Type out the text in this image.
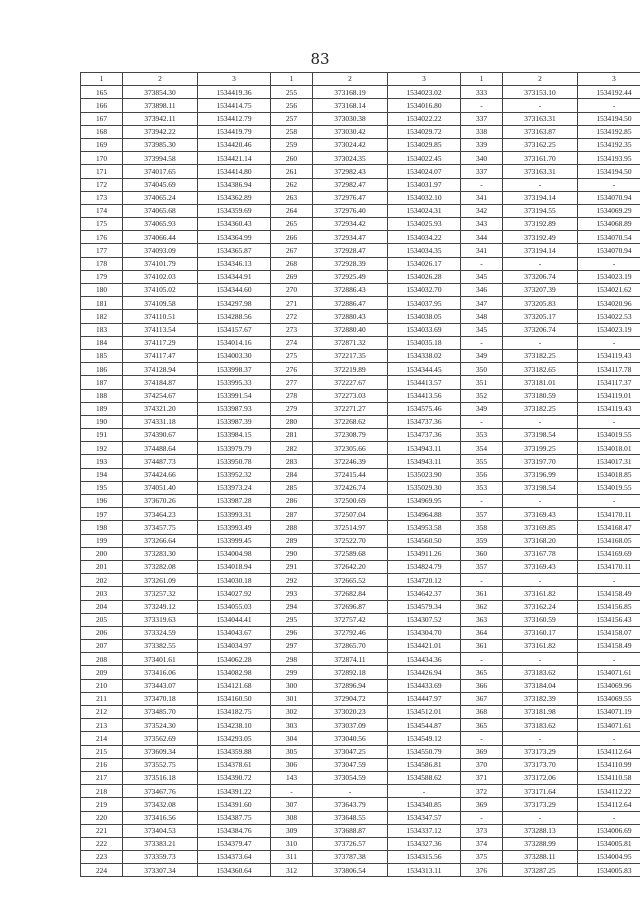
83
1	2	3	1	2	3	1	2	3
165	373854.30	1534419.36	255	373168.19	1534023.02	333	373153.10	1534192.44
166	373898.11	1534414.75	256	373168.14	1534016.80	-	-	-
167	373942.11	1534412.79	257	373030.38	1534022.22	337	373163.31	1534194.50
168	373942.22	1534419.79	258	373030.42	1534029.72	338	373163.87	1534192.85
169	373985.30	1534420.46	259	373024.42	1534029.85	339	373162.25	1534192.35
170	373994.58	1534421.14	260	373024.35	1534022.45	340	373161.70	1534193.95
171	374017.65	1534414.80	261	372982.43	1534024.07	337	373163.31	1534194.50
172	374045.69	1534386.94	262	372982.47	1534031.97	-	-	-
173	374065.24	1534362.89	263	372976.47	1534032.10	341	373194.14	1534070.94
174	374065.68	1534359.69	264	372976.40	1534024.31	342	373194.55	1534069.29
175	374065.93	1534360.43	265	372934.42	1534025.93	343	373192.89	1534068.89
176	374066.44	1534364.99	266	372934.47	1534034.22	344	373192.49	1534070.54
177	374093.09	1534365.87	267	372928.47	1534034.35	341	373194.14	1534070.94
178	374101.79	1534346.13	268	372928.39	1534026.17	-	-	-
179	374102.03	1534344.91	269	372925.49	1534026.28	345	373206.74	1534023.19
180	374105.02	1534344.60	270	372886.43	1534032.70	346	373207.39	1534021.62
181	374109.58	1534297.98	271	372886.47	1534037.95	347	373205.83	1534020.96
182	374110.51	1534288.56	272	372880.43	1534038.05	348	373205.17	1534022.53
183	374113.54	1534157.67	273	372880.40	1534033.69	345	373206.74	1534023.19
184	374117.29	1534014.16	274	372871.32	1534035.18	-	-	-
185	374117.47	1534003.30	275	372217.35	1534338.02	349	373182.25	1534119.43
186	374128.94	1533998.37	276	372219.89	1534344.45	350	373182.65	1534117.78
187	374184.87	1533995.33	277	372227.67	1534413.57	351	373181.01	1534117.37
188	374254.67	1533991.54	278	372273.03	1534413.56	352	373180.59	1534119.01
189	374321.20	1533987.93	279	372271.27	1534575.46	349	373182.25	1534119.43
190	374331.18	1533987.39	280	372268.62	1534737.36	-	-	-
191	374390.67	1533984.15	281	372308.79	1534737.36	353	373198.54	1534019.55
192	374488.64	1533979.79	282	372305.66	1534943.11	354	373199.25	1534018.01
193	374487.73	1533950.78	283	372246.39	1534943.11	355	373197.70	1534017.31
194	374424.66	1533952.32	284	372415.44	1535023.90	356	373196.99	1534018.85
195	374051.40	1533973.24	285	372426.74	1535029.30	353	373198.54	1534019.55
196	373670.26	1533987.28	286	372500.69	1534969.95	-	-	-
197	373464.23	1533993.31	287	372507.04	1534964.88	357	373169.43	1534170.11
198	373457.75	1533993.49	288	372514.97	1534953.58	358	373169.85	1534168.47
199	373266.64	1533999.45	289	372522.70	1534560.50	359	373168.20	1534168.05
200	373283.30	1534004.98	290	372589.68	1534911.26	360	373167.78	1534169.69
201	373282.08	1534018.94	291	372642.20	1534824.79	357	373169.43	1534170.11
202	373261.09	1534030.18	292	372665.52	1534720.12	-	-	-
203	373257.32	1534027.92	293	372682.84	1534642.37	361	373161.82	1534158.49
204	373249.12	1534055.03	294	372696.87	1534579.34	362	373162.24	1534156.85
205	373319.63	1534044.41	295	372757.42	1534307.52	363	373160.59	1534156.43
206	373324.59	1534043.67	296	372792.46	1534304.70	364	373160.17	1534158.07
207	373382.55	1534034.97	297	372865.70	1534421.01	361	373161.82	1534158.49
208	373401.61	1534062.28	298	372874.11	1534434.36	-	-	-
209	373416.06	1534082.98	299	372892.18	1534426.94	365	373183.62	1534071.61
210	373443.07	1534121.68	300	372896.94	1534433.69	366	373184.04	1534069.96
211	373470.18	1534160.50	301	372904.72	1534447.97	367	373182.39	1534069.55
212	373485.70	1534182.75	302	373020.23	1534512.01	368	373181.98	1534071.19
213	373524.30	1534238.10	303	373037.09	1534544.87	365	373183.62	1534071.61
214	373562.69	1534293.05	304	373040.56	1534549.12	-	-	-
215	373609.34	1534359.88	305	373047.25	1534550.79	369	373173.29	1534112.64
216	373552.75	1534378.61	306	373047.59	1534586.81	370	373173.70	1534110.99
217	373516.18	1534390.72	143	373054.59	1534588.62	371	373172.06	1534110.58
218	373467.76	1534391.22	-	-	-	372	373171.64	1534112.22
219	373432.08	1534391.60	307	373643.79	1534340.85	369	373173.29	1534112.64
220	373416.56	1534387.75	308	373648.55	1534347.57	-	-	-
221	373404.53	1534384.76	309	373688.87	1534337.12	373	373288.13	1534006.69
222	373383.21	1534379.47	310	373726.57	1534327.36	374	373288.99	1534005.81
223	373359.73	1534373.64	311	373787.38	1534315.56	375	373288.11	1534004.95
224	373307.34	1534360.64	312	373806.54	1534313.11	376	373287.25	1534005.83
